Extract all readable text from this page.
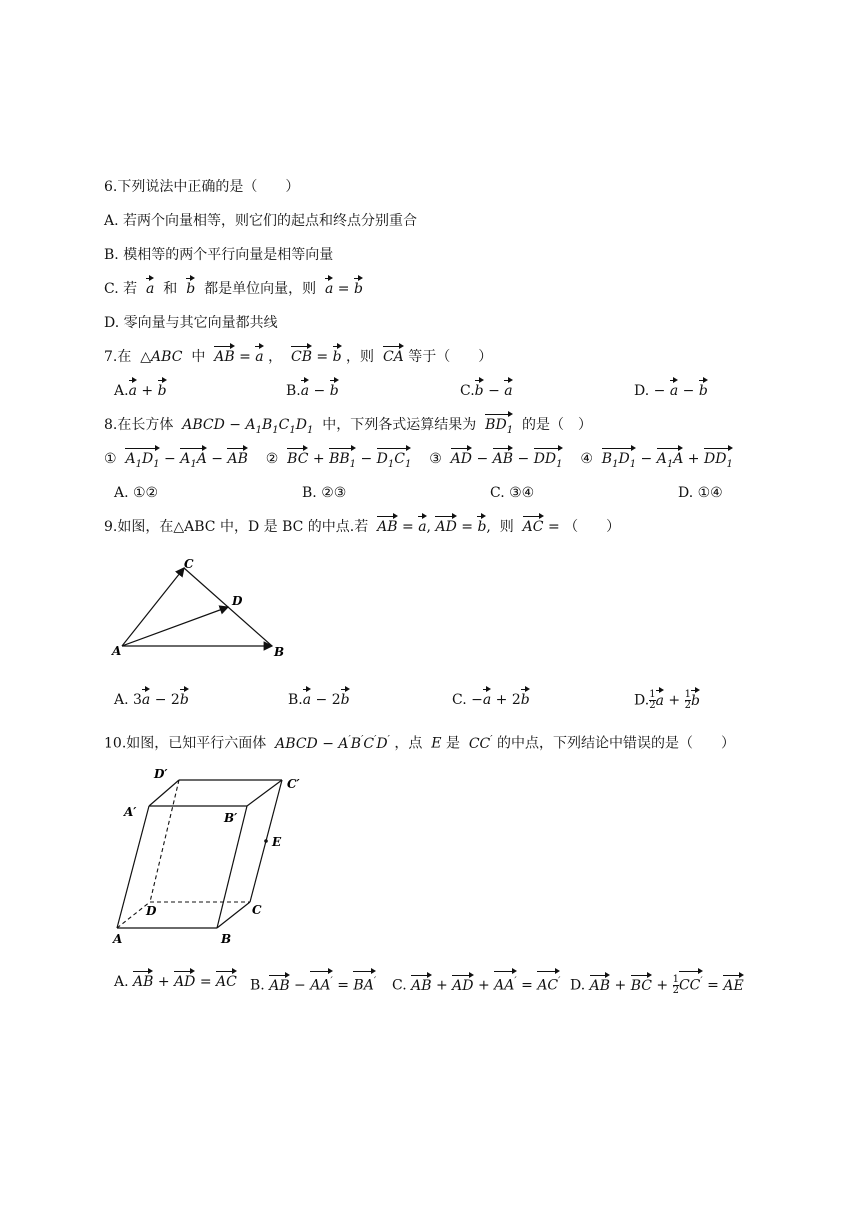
6.下列说法中正确的是（　　）
A. 若两个向量相等，则它们的起点和终点分别重合
B. 模相等的两个平行向量是相等向量
C. 若 a 和 b 都是单位向量，则 a = b
D. 零向量与其它向量都共线
7.在 △ABC 中 AB = a ， CB = b ，则 CA 等于（　　）
A.a + b	B.a − b	C.b − a	D. − a − b
8.在长方体 ABCD − $A_1B_1C_1D_1$ 中，下列各式运算结果为 $BD_1$ 的是（　）
① $A_1D_1 - A_1A$ − AB ② BC + $BB_1 - D_1C_1$ ③ AD − AB − $DD_1$ ④ $B_1D_1 - A_1A + DD_1$
A. ①②	B. ②③	C. ③④	D. ①④
9.如图，在△ABC 中，D 是 BC 的中点.若 AB = a, AD = b,  则 AC = （　　）
A	B
C
D
A. 3a − 2b	B.a − 2b	C. −a + 2b	D. $\frac{1}{2}$ $a + \frac{1}{2}$ b
10.如图，已知平行六面体 ABCD − A′B′C′D′ ，点 E 是 CC′ 的中点，下列结论中错误的是（　　）
A	B
C
D
A′	B′
C′
D′
E
A. AB + AD = AC B. AB − AA′ = BA′ C. AB + AD + AA′ = AC′ D. AB + BC + $\frac{1}{2} CC'$ = AE
